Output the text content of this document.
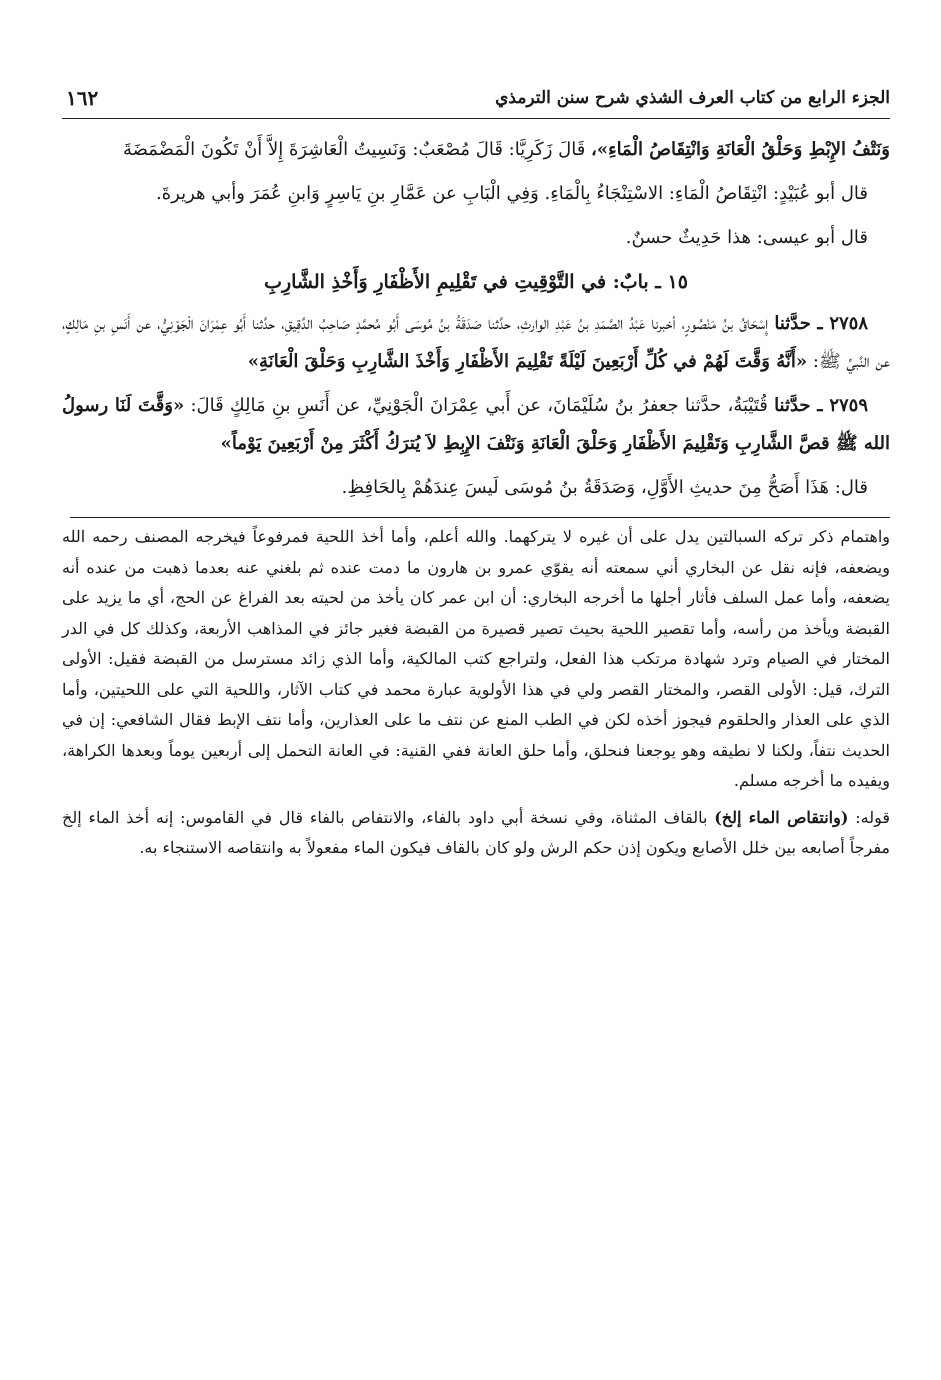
الجزء الرابع من كتاب العرف الشذي شرح سنن الترمذي
١٦٢

وَنَتْفُ الإِبْطِ وَحَلْقُ الْعَانَةِ وَانْتِقَاصُ الْمَاءِ»، قَالَ زَكَرِيَّا: قَالَ مُصْعَبٌ: وَنَسِيتُ الْعَاشِرَةَ إِلاَّ أَنْ تَكُونَ الْمَضْمَضَةَ

قال أبو عُبَيْدٍ: انْتِقَاصُ الْمَاءِ: الاسْتِنْجَاءُ بِالْمَاءِ. وَفِي الْبَابِ عن عَمَّارِ بنِ يَاسِرٍ وَابنِ عُمَرَ وأبي هريرةَ.

قال أبو عيسى: هذا حَدِيثٌ حسنٌ.

١٥ ـ بابٌ: في التَّوْقِيتِ في تَقْلِيمِ الأَظْفَارِ وَأَخْذِ الشَّارِبِ

٢٧٥٨ ـ حدَّثنا إِسْحَاقُ بنُ مَنْصُورٍ، أخبرنا عَبْدُ الصَّمَدِ بنُ عَبْدِ الوارثِ، حدَّثنا صَدَقَةُ بنُ مُوسَى أَبُو مُحمَّدٍ صَاحِبُ الدَّقِيقِ، حدَّثنا أَبُو عِمْرَانَ الْجَوْنِيُّ، عن أَنَسِ بنِ مَالِكٍ، عن النَّبيِّ ﷺ: «أَنَّهُ وَقَّتَ لَهُمْ في كُلِّ أَرْبَعِينَ لَيْلَةً تَقْلِيمَ الأَظْفَارِ وَأَخْذَ الشَّارِبِ وَحَلْقَ الْعَانَةِ»

٢٧٥٩ ـ حدَّثنا قُتَيْبَةُ، حدَّثنا جعفرُ بنُ سُلَيْمَانَ، عن أَبي عِمْرَانَ الْجَوْنِيِّ، عن أَنَسِ بنِ مَالِكٍ قَالَ: «وَقَّتَ لَنَا رسولُ الله ﷺ قصَّ الشَّارِبِ وَتَقْلِيمَ الأَظْفَارِ وَحَلْقَ الْعَانَةِ وَنَتْفَ الإِبِطِ لاَ يُترَكُ أَكْثَرَ مِنْ أَرْبَعِينَ يَوْماً»

قال: هَذَا أَصَحُّ مِنَ حديثِ الأَوَّلِ، وَصَدَقَةُ بنُ مُوسَى لَيسَ عِندَهُمْ بِالحَافِظِ.

واهتمام ذكر تركه السبالتين يدل على أن غيره لا يتركهما. والله أعلم، وأما أخذ اللحية فمرفوعاً فيخرجه المصنف رحمه الله ويضعفه، فإنه نقل عن البخاري أني سمعته أنه يقوّي عمرو بن هارون ما دمت عنده ثم بلغني عنه بعدما ذهبت من عنده أنه يضعفه، وأما عمل السلف فأثار أجلها ما أخرجه البخاري: أن ابن عمر كان يأخذ من لحيته بعد الفراغ عن الحج، أي ما يزيد على القبضة ويأخذ من رأسه، وأما تقصير اللحية بحيث تصير قصيرة من القبضة فغير جائز في المذاهب الأربعة، وكذلك كل في الدر المختار في الصيام وترد شهادة مرتكب هذا الفعل، ولتراجع كتب المالكية، وأما الذي زائد مسترسل من القبضة فقيل: الأولى الترك، قيل: الأولى القصر، والمختار القصر ولي في هذا الأولوية عبارة محمد في كتاب الآثار، واللحية التي على اللحيتين، وأما الذي على العذار والحلقوم فيجوز أخذه لكن في الطب المنع عن نتف ما على العذارين، وأما نتف الإبط فقال الشافعي: إن في الحديث نتفاً، ولكنا لا نطيقه وهو يوجعنا فنحلق، وأما حلق العانة ففي القنية: في العانة التحمل إلى أربعين يوماً وبعدها الكراهة، ويفيده ما أخرجه مسلم.

قوله: (وانتقاص الماء إلخ) بالقاف المثناة، وفي نسخة أبي داود بالفاء، والانتفاص بالفاء قال في القاموس: إنه أخذ الماء إلخ مفرجاً أصابعه بين خلل الأصابع ويكون إذن حكم الرش ولو كان بالقاف فيكون الماء مفعولاً به وانتقاصه الاستنجاء به.
